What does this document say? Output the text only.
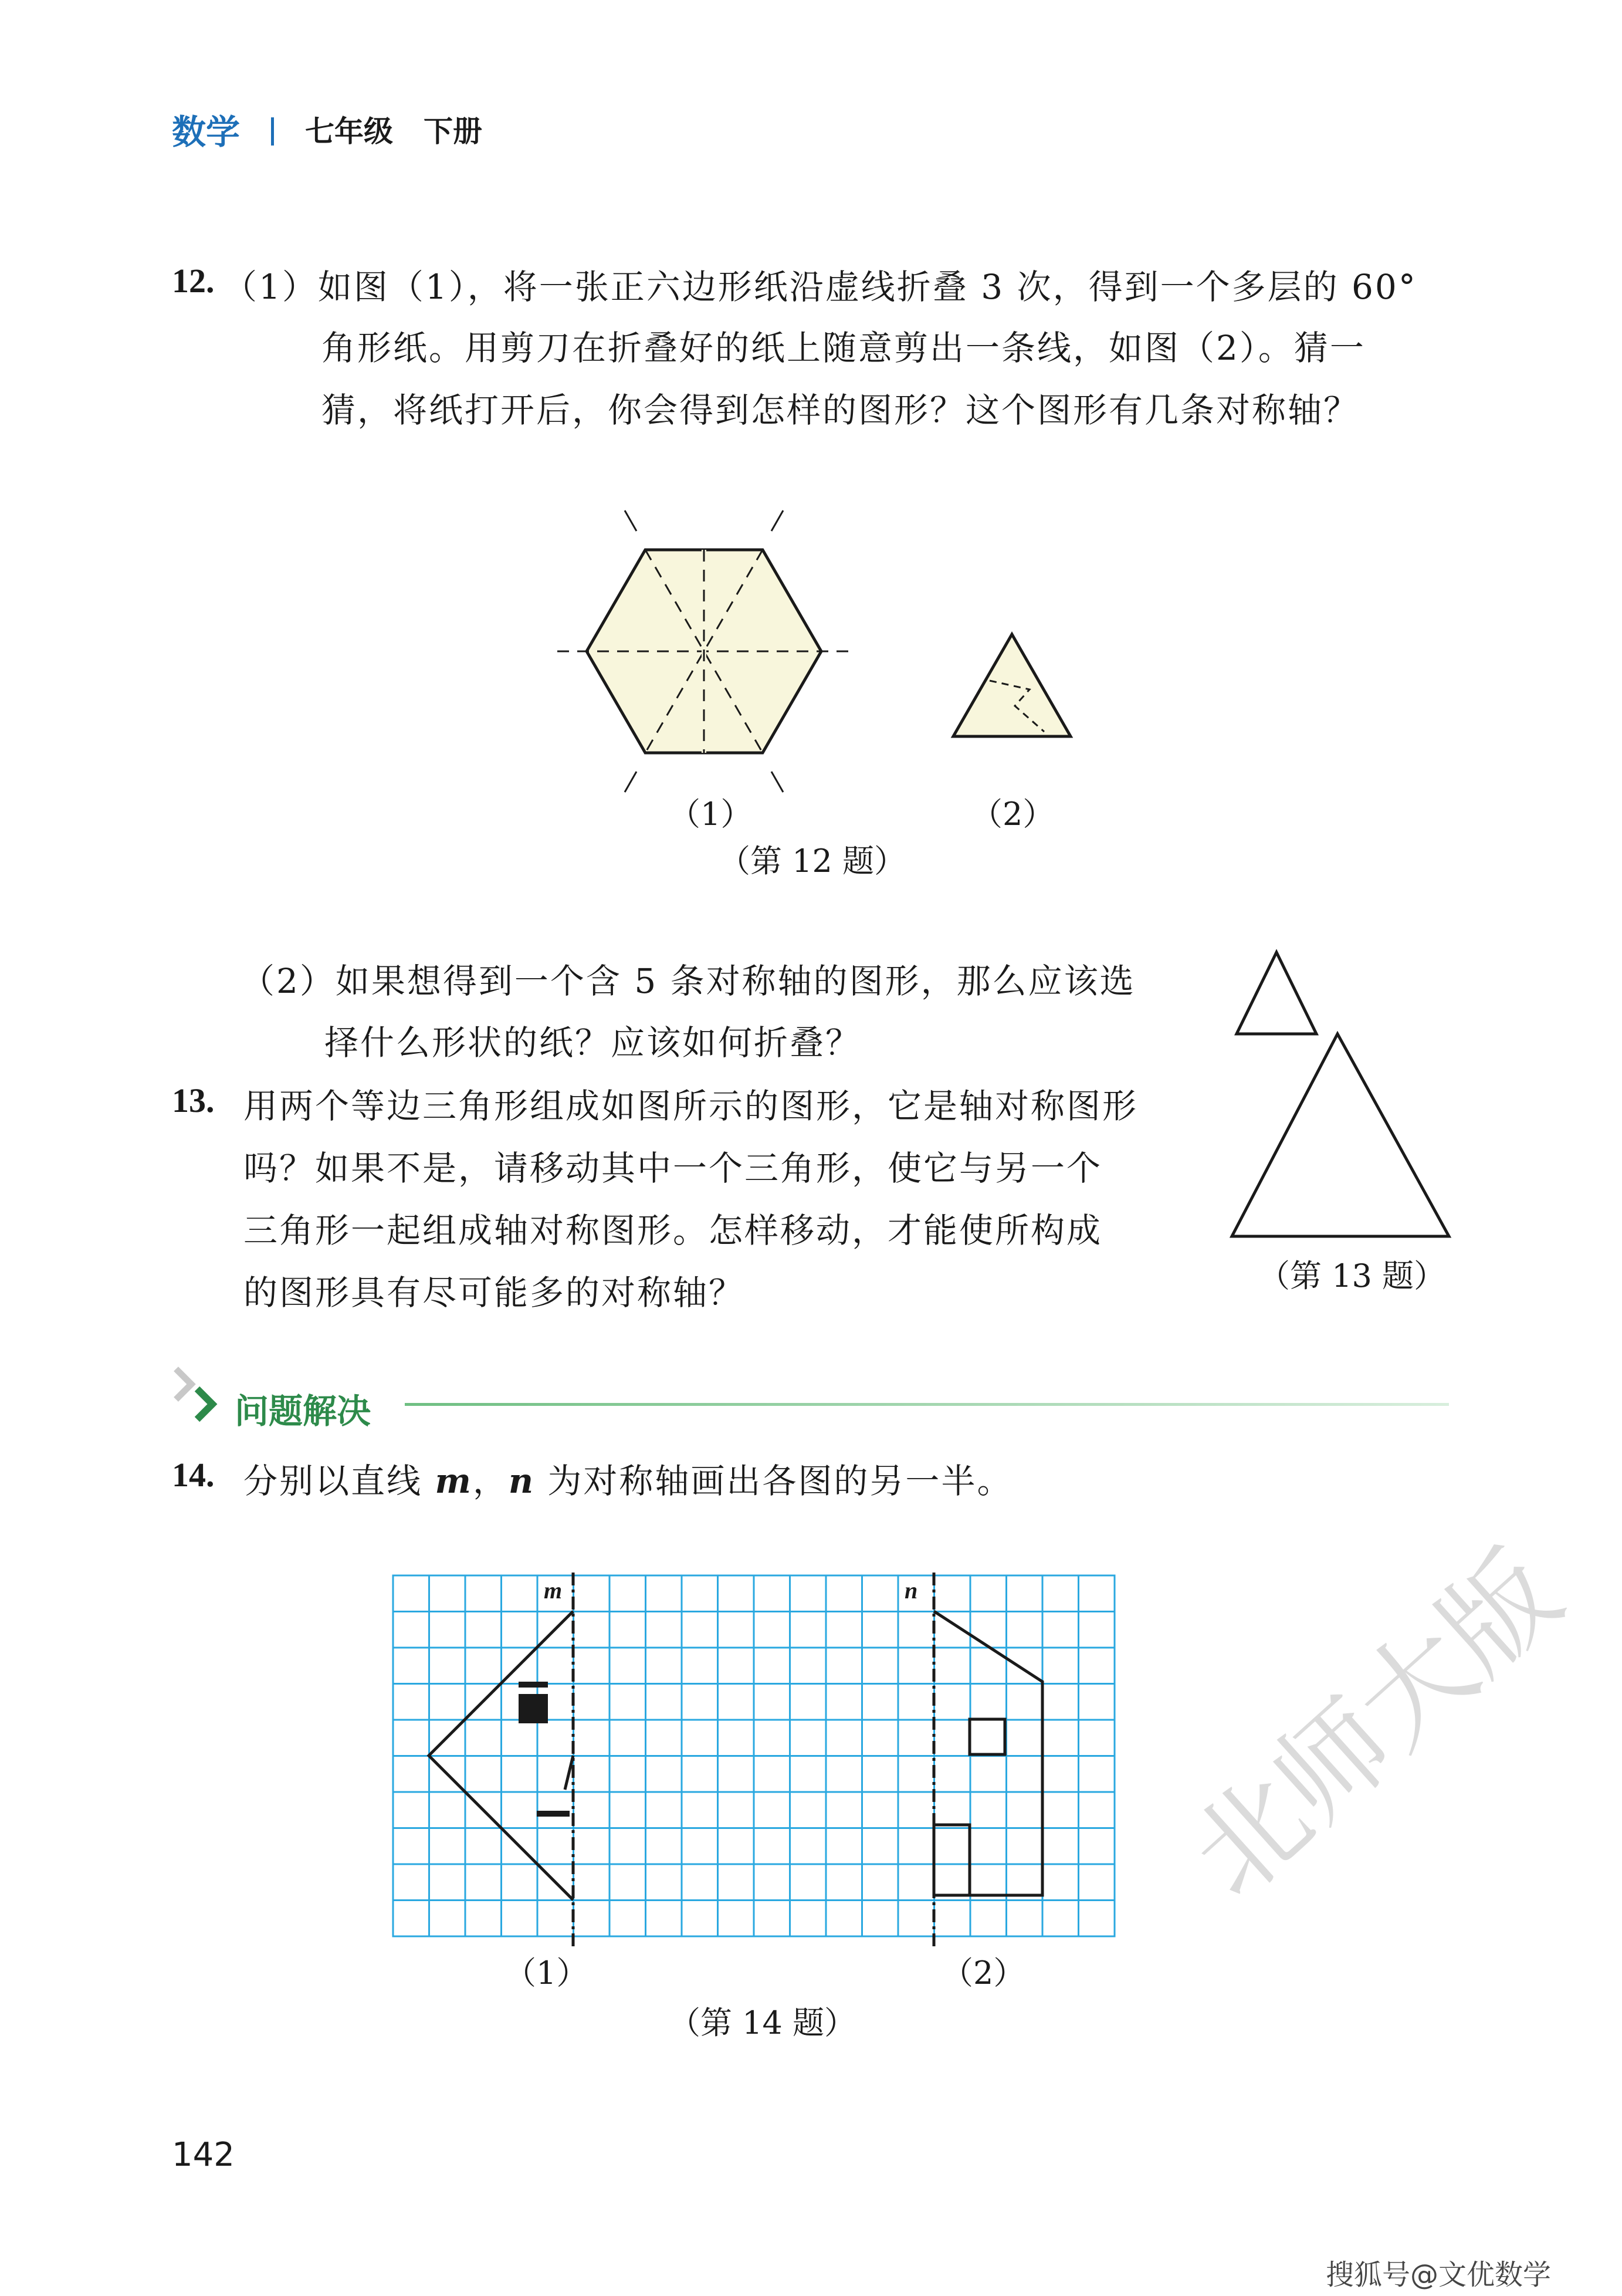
数学 七年级 下册
12. （1）如图（1），将一张正六边形纸沿虚线折叠 3 次，得到一个多层的 60°
角形纸。用剪刀在折叠好的纸上随意剪出一条线，如图（2）。猜一
猜，将纸打开后，你会得到怎样的图形？这个图形有几条对称轴？
（1）	（2）
（第 12 题）
（2）如果想得到一个含 5 条对称轴的图形，那么应该选
择什么形状的纸？应该如何折叠？
13. 用两个等边三角形组成如图所示的图形，它是轴对称图形
吗？如果不是，请移动其中一个三角形，使它与另一个
三角形一起组成轴对称图形。怎样移动，才能使所构成
的图形具有尽可能多的对称轴？	（第 13 题）
问题解决
14. 分别以直线 m，n 为对称轴画出各图的另一半。
m	n
（1）	（2）
（第 14 题）
142
北师大版
搜狐号@文优数学
